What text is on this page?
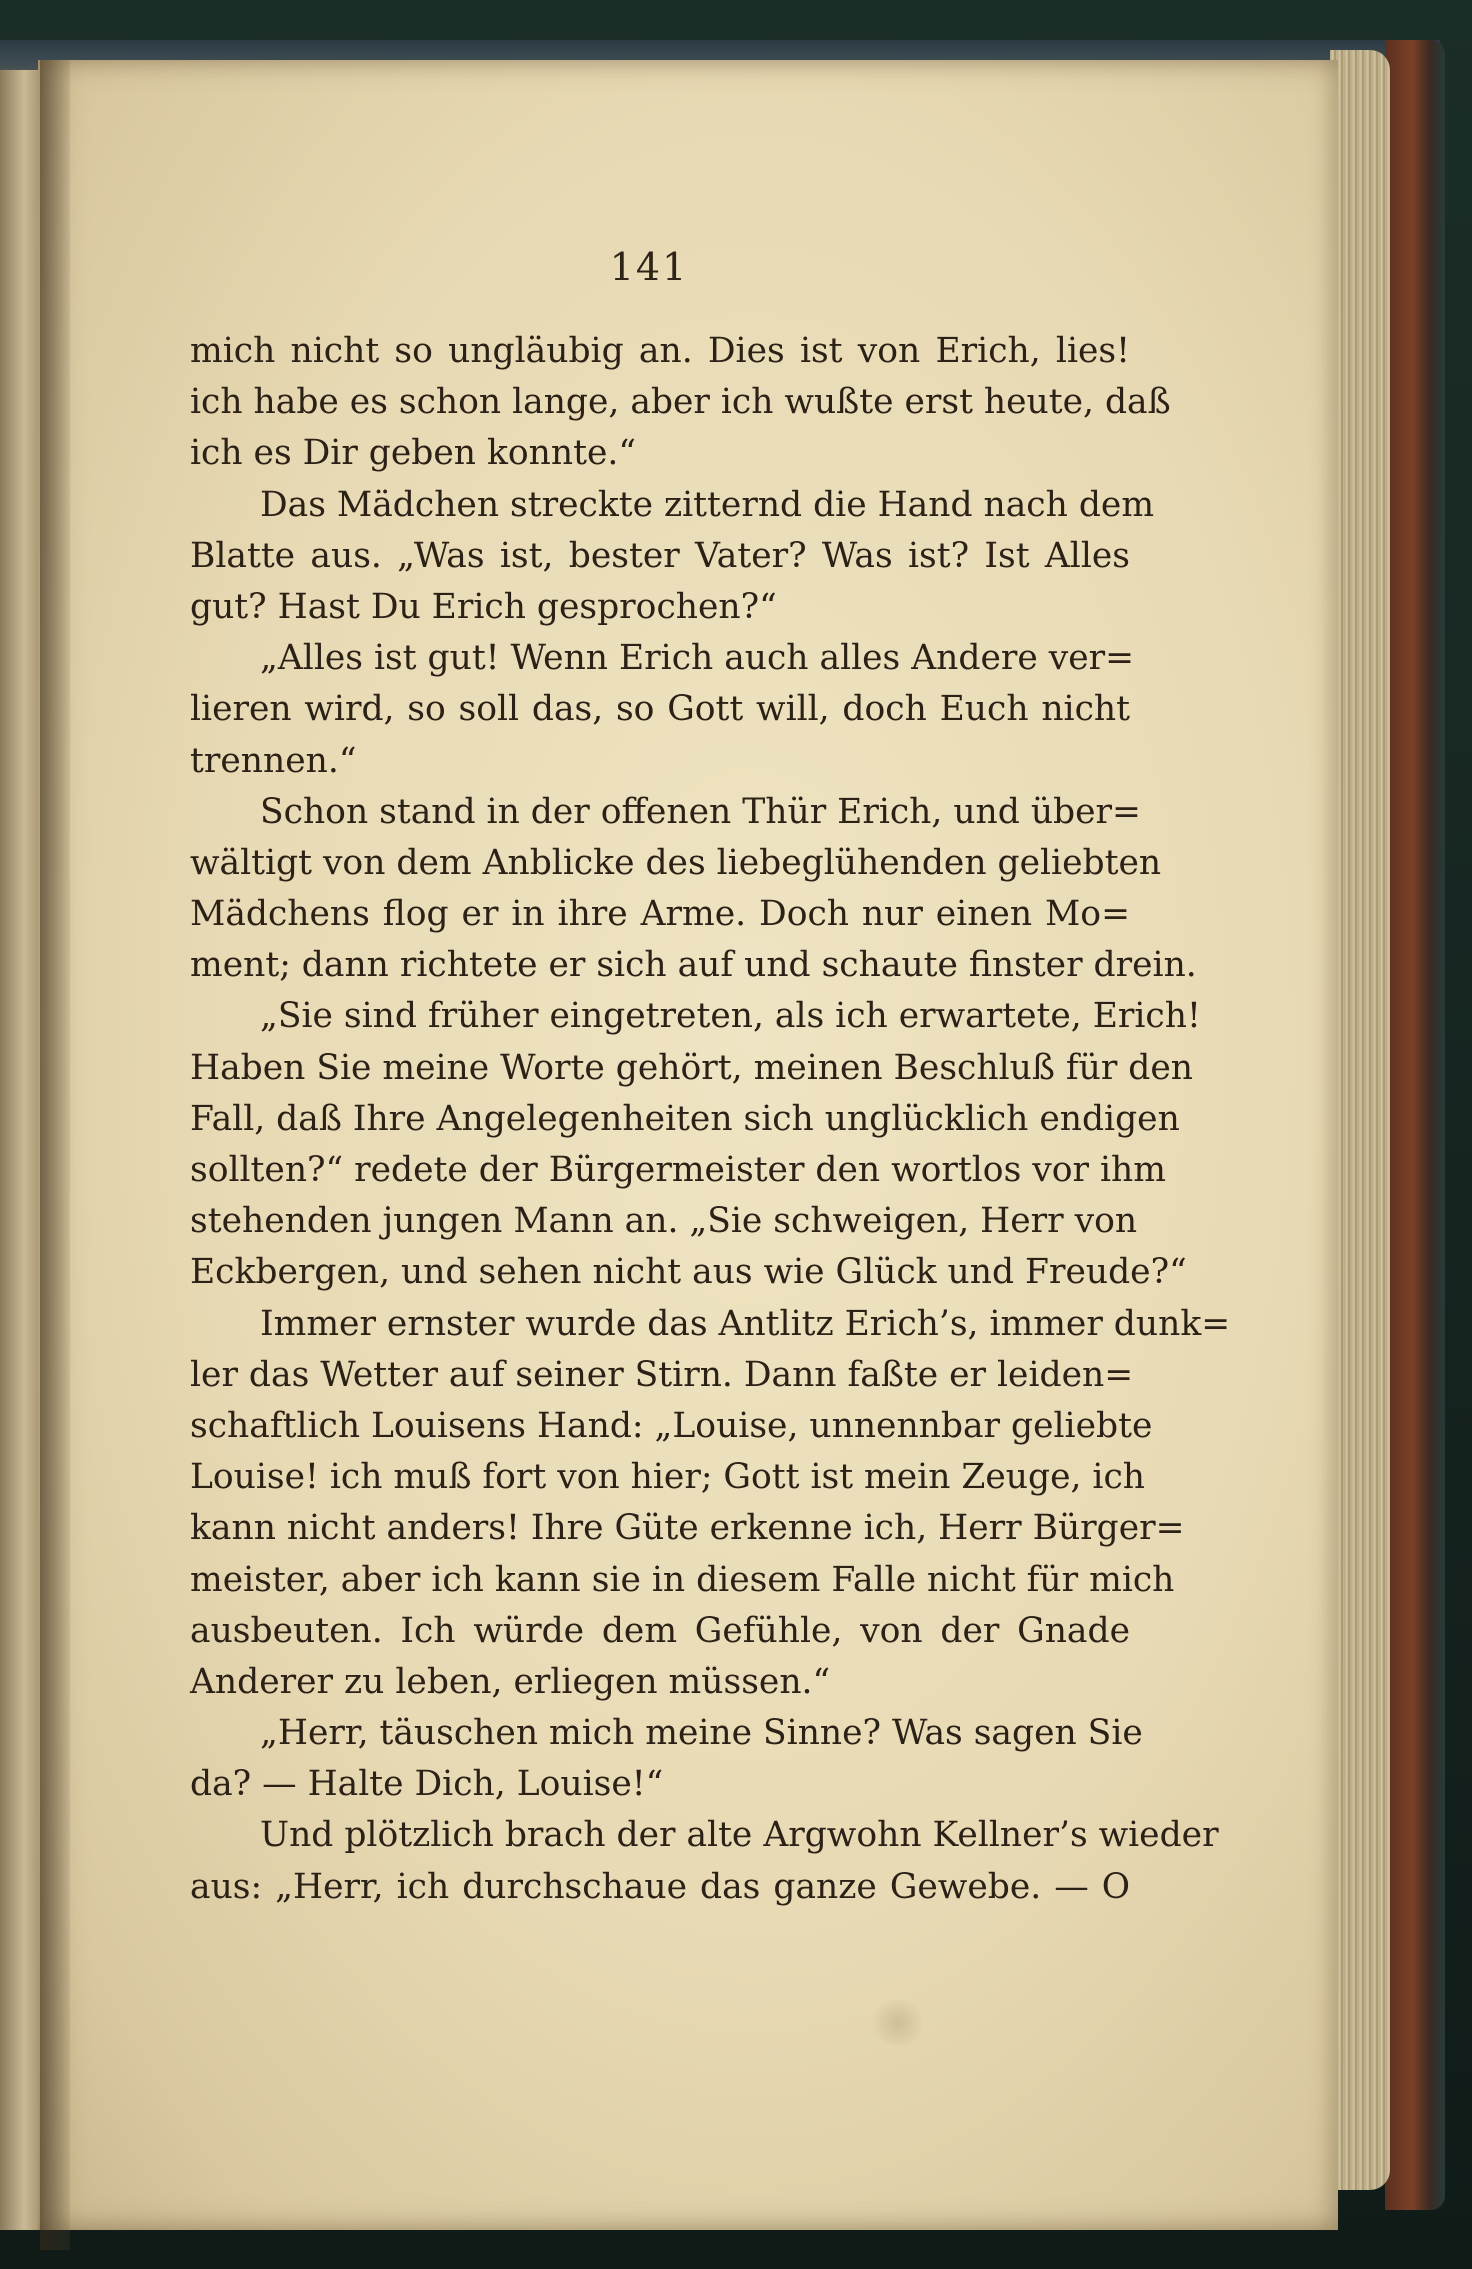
141
mich nicht so ungläubig an. Dies ist von Erich, lies!
ich habe es schon lange, aber ich wußte erst heute, daß
ich es Dir geben konnte.“
Das Mädchen streckte zitternd die Hand nach dem
Blatte aus. „Was ist, bester Vater? Was ist? Ist Alles
gut? Hast Du Erich gesprochen?“
„Alles ist gut! Wenn Erich auch alles Andere ver=
lieren wird, so soll das, so Gott will, doch Euch nicht
trennen.“
Schon stand in der offenen Thür Erich, und über=
wältigt von dem Anblicke des liebeglühenden geliebten
Mädchens flog er in ihre Arme. Doch nur einen Mo=
ment; dann richtete er sich auf und schaute finster drein.
„Sie sind früher eingetreten, als ich erwartete, Erich!
Haben Sie meine Worte gehört, meinen Beschluß für den
Fall, daß Ihre Angelegenheiten sich unglücklich endigen
sollten?“ redete der Bürgermeister den wortlos vor ihm
stehenden jungen Mann an. „Sie schweigen, Herr von
Eckbergen, und sehen nicht aus wie Glück und Freude?“
Immer ernster wurde das Antlitz Erich’s, immer dunk=
ler das Wetter auf seiner Stirn. Dann faßte er leiden=
schaftlich Louisens Hand: „Louise, unnennbar geliebte
Louise! ich muß fort von hier; Gott ist mein Zeuge, ich
kann nicht anders! Ihre Güte erkenne ich, Herr Bürger=
meister, aber ich kann sie in diesem Falle nicht für mich
ausbeuten. Ich würde dem Gefühle, von der Gnade
Anderer zu leben, erliegen müssen.“
„Herr, täuschen mich meine Sinne? Was sagen Sie
da? — Halte Dich, Louise!“
Und plötzlich brach der alte Argwohn Kellner’s wieder
aus: „Herr, ich durchschaue das ganze Gewebe. — O
